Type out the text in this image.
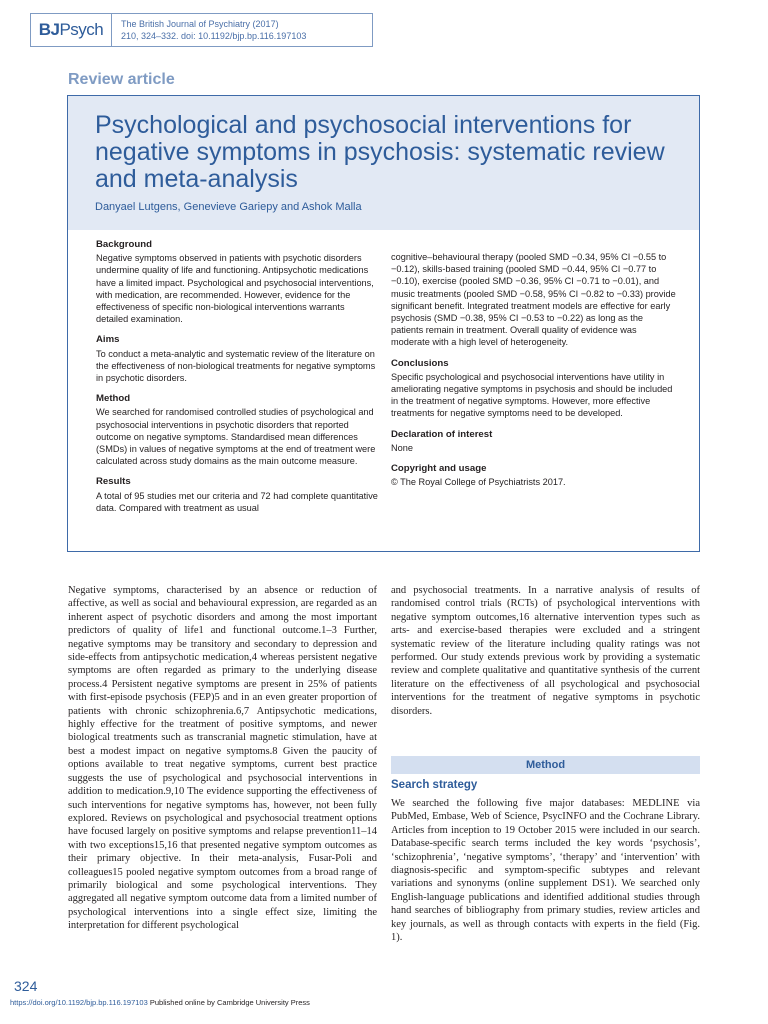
BJ Psych The British Journal of Psychiatry (2017)
210, 324–332. doi: 10.1192/bjp.bp.116.197103
Review article
Psychological and psychosocial interventions for negative symptoms in psychosis: systematic review and meta-analysis
Danyael Lutgens, Genevieve Gariepy and Ashok Malla
Background
Negative symptoms observed in patients with psychotic disorders undermine quality of life and functioning. Antipsychotic medications have a limited impact. Psychological and psychosocial interventions, with medication, are recommended. However, evidence for the effectiveness of specific non-biological interventions warrants detailed examination.
Aims
To conduct a meta-analytic and systematic review of the literature on the effectiveness of non-biological treatments for negative symptoms in psychotic disorders.
Method
We searched for randomised controlled studies of psychological and psychosocial interventions in psychotic disorders that reported outcome on negative symptoms. Standardised mean differences (SMDs) in values of negative symptoms at the end of treatment were calculated across study domains as the main outcome measure.
Results
A total of 95 studies met our criteria and 72 had complete quantitative data. Compared with treatment as usual
cognitive–behavioural therapy (pooled SMD −0.34, 95% CI −0.55 to −0.12), skills-based training (pooled SMD −0.44, 95% CI −0.77 to −0.10), exercise (pooled SMD −0.36, 95% CI −0.71 to −0.01), and music treatments (pooled SMD −0.58, 95% CI −0.82 to −0.33) provide significant benefit. Integrated treatment models are effective for early psychosis (SMD −0.38, 95% CI −0.53 to −0.22) as long as the patients remain in treatment. Overall quality of evidence was moderate with a high level of heterogeneity.
Conclusions
Specific psychological and psychosocial interventions have utility in ameliorating negative symptoms in psychosis and should be included in the treatment of negative symptoms. However, more effective treatments for negative symptoms need to be developed.
Declaration of interest
None
Copyright and usage
© The Royal College of Psychiatrists 2017.
Negative symptoms, characterised by an absence or reduction of affective, as well as social and behavioural expression, are regarded as an inherent aspect of psychotic disorders and among the most important predictors of quality of life1 and functional outcome.1–3 Further, negative symptoms may be transitory and secondary to depression and side-effects from antipsychotic medication,4 whereas persistent negative symptoms are often regarded as primary to the underlying disease process.4 Persistent negative symptoms are present in 25% of patients with first-episode psychosis (FEP)5 and in an even greater proportion of patients with chronic schizophrenia.6,7 Antipsychotic medications, highly effective for the treatment of positive symptoms, and newer biological treatments such as transcranial magnetic stimulation, have at best a modest impact on negative symptoms.8 Given the paucity of options available to treat negative symptoms, current best practice suggests the use of psychological and psychosocial interventions in addition to medication.9,10 The evidence supporting the effectiveness of such interventions for negative symptoms has, however, not been fully explored. Reviews on psychological and psychosocial treatment options have focused largely on positive symptoms and relapse prevention11–14 with two exceptions15,16 that presented negative symptom outcomes as their primary objective. In their meta-analysis, Fusar-Poli and colleagues15 pooled negative symptom outcomes from a broad range of primarily biological and some psychological interventions. They aggregated all negative symptom outcome data from a limited number of psychological interventions into a single effect size, limiting the interpretation for different psychological
and psychosocial treatments. In a narrative analysis of results of randomised control trials (RCTs) of psychological interventions with negative symptom outcomes,16 alternative intervention types such as arts- and exercise-based therapies were excluded and a stringent systematic review of the literature including quality ratings was not performed. Our study extends previous work by providing a systematic review and complete qualitative and quantitative synthesis of the current literature on the effectiveness of all psychological and psychosocial interventions for the treatment of negative symptoms in psychotic disorders.
Method
Search strategy
We searched the following five major databases: MEDLINE via PubMed, Embase, Web of Science, PsycINFO and the Cochrane Library. Articles from inception to 19 October 2015 were included in our search. Database-specific search terms included the key words ‘psychosis’, ‘schizophrenia’, ‘negative symptoms’, ‘therapy’ and ‘intervention’ with diagnosis-specific and symptom-specific subtypes and relevant variations and synonyms (online supplement DS1). We searched only English-language publications and identified additional studies through hand searches of bibliography from primary studies, review articles and key journals, as well as through contacts with experts in the field (Fig. 1).
324
https://doi.org/10.1192/bjp.bp.116.197103 Published online by Cambridge University Press
